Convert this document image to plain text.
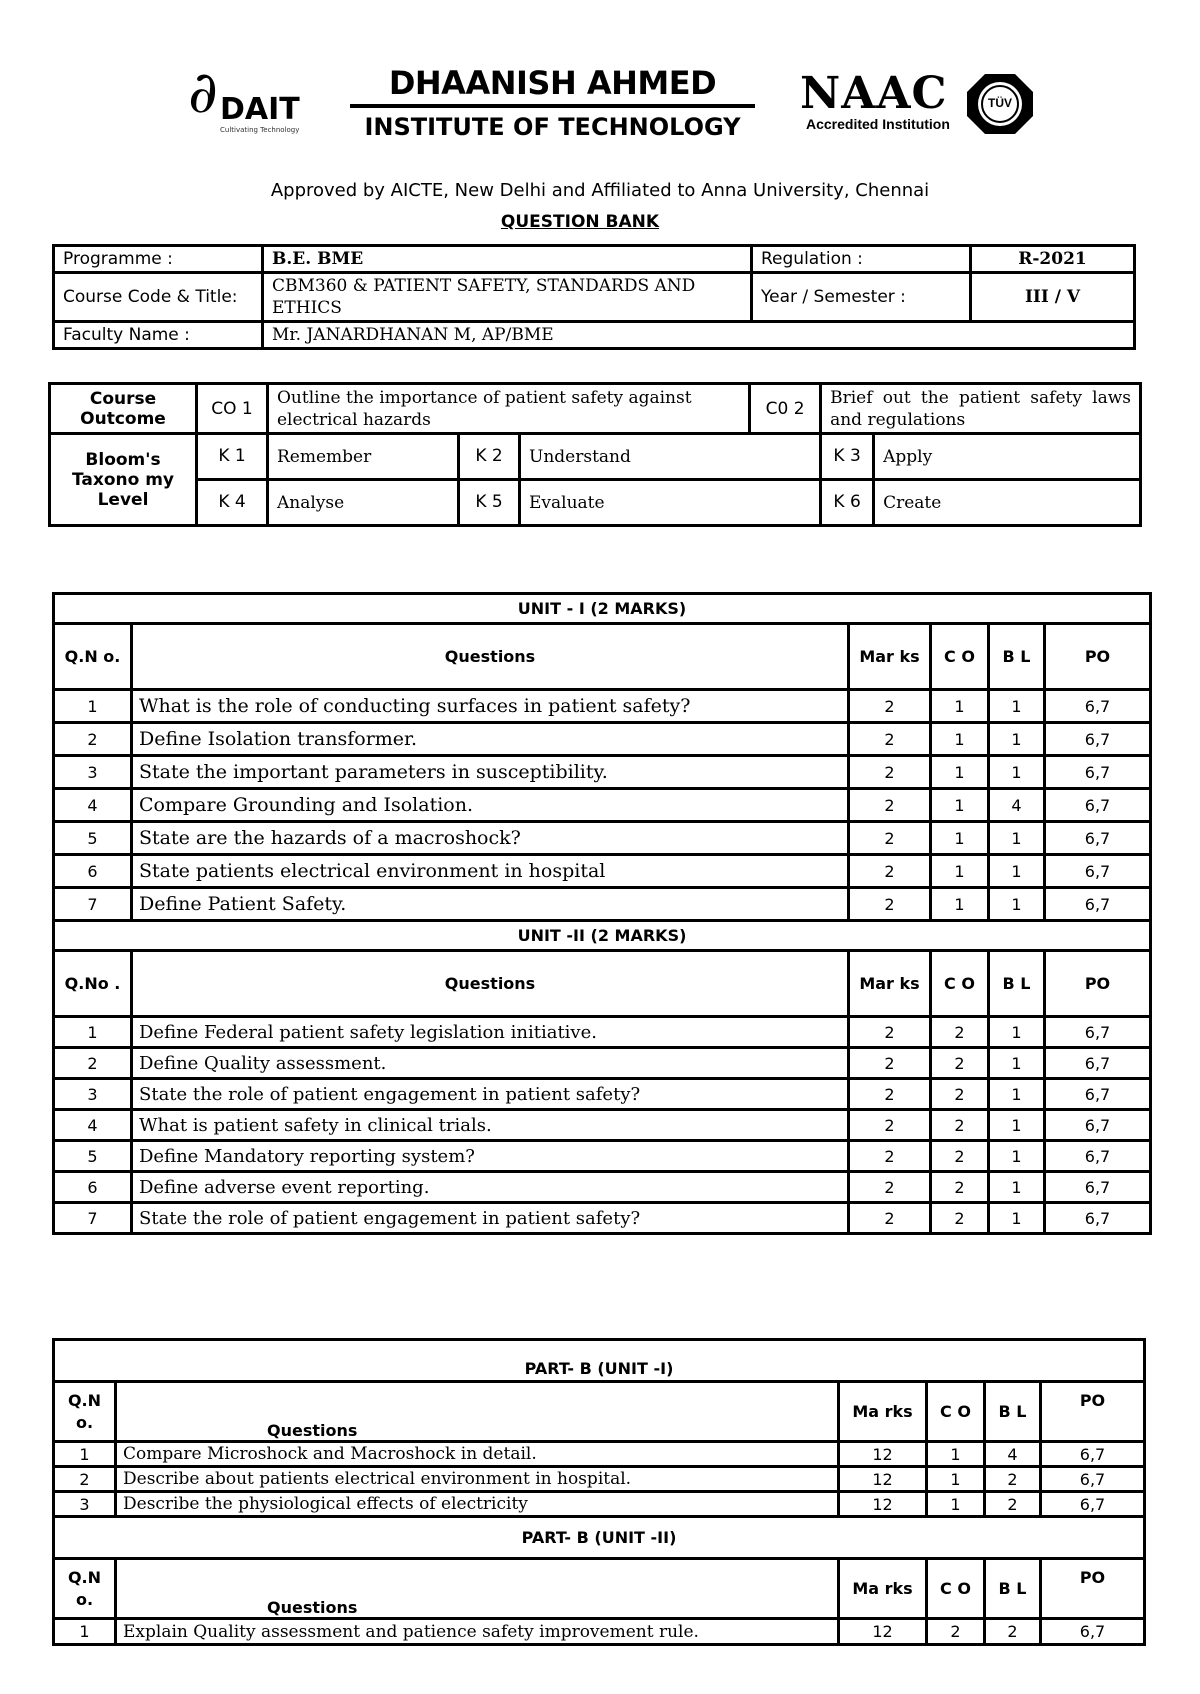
∂ DAIT
Cultivating Technology
DHAANISH AHMED
INSTITUTE OF TECHNOLOGY
NAAC
Accredited Institution
TÜV
Approved by AICTE, New Delhi and Affiliated to Anna University, Chennai
QUESTION BANK
Programme :	B.E. BME	Regulation :	R-2021
Course Code & Title:	CBM360 & PATIENT SAFETY, STANDARDS AND ETHICS	Year / Semester :	III / V
Faculty Name :	Mr. JANARDHANAN M, AP/BME		
Course Outcome	CO 1	Outline the importance of patient safety against electrical hazards			C0 2	Brief out the patient safety laws and regulations	
Bloom's Taxono my Level	K 1	Remember	K 2	Understand		K 3	Apply
	K 4	Analyse	K 5	Evaluate		K 6	Create
UNIT - I (2 MARKS)					
Q.N o.	Questions	Mar ks	C O	B L	PO
1	What is the role of conducting surfaces in patient safety?	2	1	1	6,7
2	Define Isolation transformer.	2	1	1	6,7
3	State the important parameters in susceptibility.	2	1	1	6,7
4	Compare Grounding and Isolation.	2	1	4	6,7
5	State are the hazards of a macroshock?	2	1	1	6,7
6	State patients electrical environment in hospital	2	1	1	6,7
7	Define Patient Safety.	2	1	1	6,7
UNIT -II (2 MARKS)					
Q.No .	Questions	Mar ks	C O	B L	PO
1	Define Federal patient safety legislation initiative.	2	2	1	6,7
2	Define Quality assessment.	2	2	1	6,7
3	State the role of patient engagement in patient safety?	2	2	1	6,7
4	What is patient safety in clinical trials.	2	2	1	6,7
5	Define Mandatory reporting system?	2	2	1	6,7
6	Define adverse event reporting.	2	2	1	6,7
7	State the role of patient engagement in patient safety?	2	2	1	6,7
PART- B (UNIT -I)					
Q.N o.	Questions	Ma rks	C O	B L	PO
1	Compare Microshock and Macroshock in detail.	12	1	4	6,7
2	Describe about patients electrical environment in hospital.	12	1	2	6,7
3	Describe the physiological effects of electricity	12	1	2	6,7
PART- B (UNIT -II)					
Q.N o.	Questions	Ma rks	C O	B L	PO
1	Explain Quality assessment and patience safety improvement rule.	12	2	2	6,7
